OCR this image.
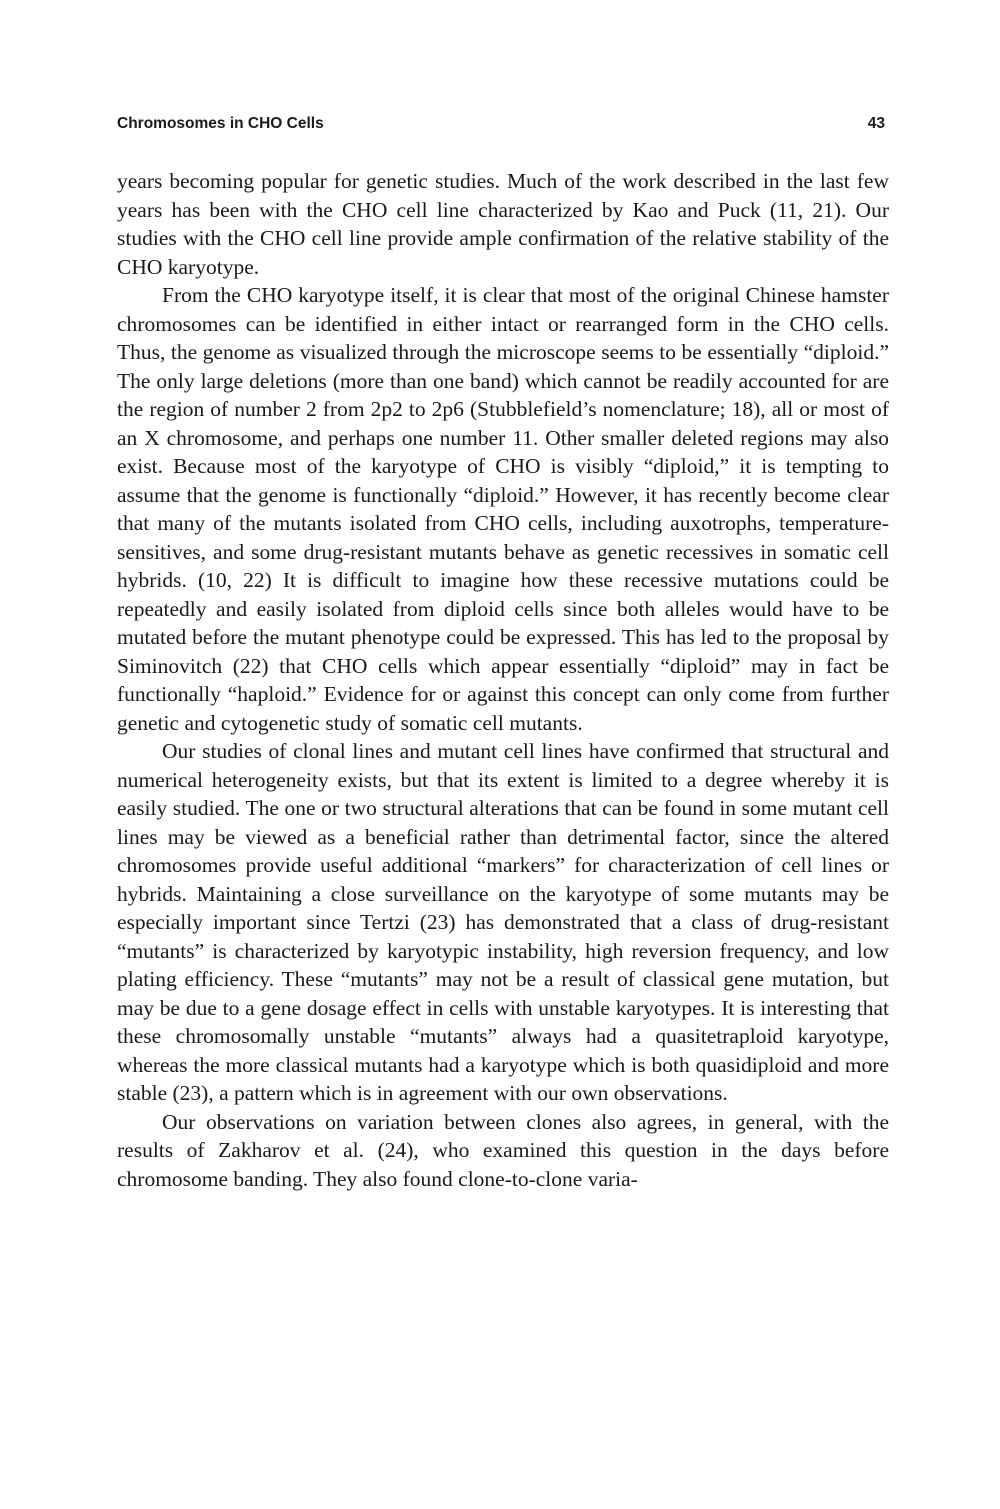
Chromosomes in CHO Cells	43

years becoming popular for genetic studies. Much of the work described in the last few years has been with the CHO cell line characterized by Kao and Puck (11, 21). Our studies with the CHO cell line provide ample confirmation of the relative stability of the CHO karyotype.

From the CHO karyotype itself, it is clear that most of the original Chinese hamster chromosomes can be identified in either intact or rearranged form in the CHO cells. Thus, the genome as visualized through the microscope seems to be essentially “diploid.” The only large deletions (more than one band) which cannot be readily accounted for are the region of number 2 from 2p2 to 2p6 (Stubblefield’s nomenclature; 18), all or most of an X chromosome, and perhaps one number 11. Other smaller deleted regions may also exist. Because most of the karyotype of CHO is visibly “diploid,” it is tempting to assume that the genome is functionally “diploid.” However, it has recently become clear that many of the mutants isolated from CHO cells, including auxotrophs, temperaturesensitives, and some drug-resistant mutants behave as genetic recessives in somatic cell hybrids. (10, 22) It is difficult to imagine how these recessive mutations could be repeatedly and easily isolated from diploid cells since both alleles would have to be mutated before the mutant phenotype could be expressed. This has led to the proposal by Siminovitch (22) that CHO cells which appear essentially “diploid” may in fact be functionally “haploid.” Evidence for or against this concept can only come from further genetic and cytogenetic study of somatic cell mutants.

Our studies of clonal lines and mutant cell lines have confirmed that structural and numerical heterogeneity exists, but that its extent is limited to a degree whereby it is easily studied. The one or two structural alterations that can be found in some mutant cell lines may be viewed as a beneficial rather than detrimental factor, since the altered chromosomes provide useful additional “markers” for characterization of cell lines or hybrids. Maintaining a close surveillance on the karyotype of some mutants may be especially important since Tertzi (23) has demonstrated that a class of drug-resistant “mutants” is characterized by karyotypic instability, high reversion frequency, and low plating efficiency. These “mutants” may not be a result of classical gene mutation, but may be due to a gene dosage effect in cells with unstable karyotypes. It is interesting that these chromosomally unstable “mutants” always had a quasitetraploid karyotype, whereas the more classical mutants had a karyotype which is both quasidiploid and more stable (23), a pattern which is in agreement with our own observations.

Our observations on variation between clones also agrees, in general, with the results of Zakharov et al. (24), who examined this question in the days before chromosome banding. They also found clone-to-clone varia-
